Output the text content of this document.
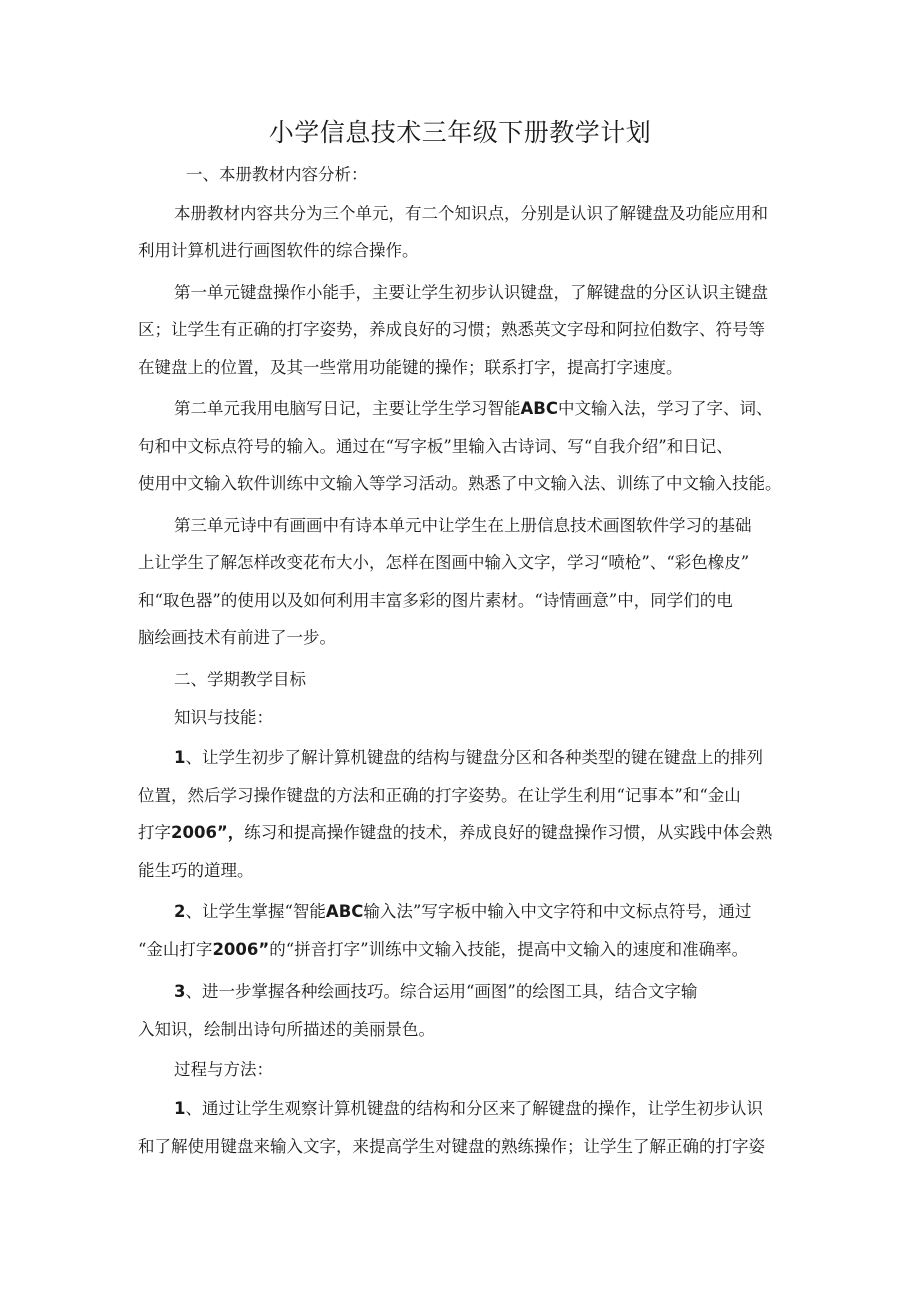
小学信息技术三年级下册教学计划
一、本册教材内容分析：
本册教材内容共分为三个单元，有二个知识点，分别是认识了解键盘及功能应用和
利用计算机进行画图软件的综合操作。
第一单元键盘操作小能手，主要让学生初步认识键盘，了解键盘的分区认识主键盘
区；让学生有正确的打字姿势，养成良好的习惯；熟悉英文字母和阿拉伯数字、符号等
在键盘上的位置，及其一些常用功能键的操作；联系打字，提高打字速度。
第二单元我用电脑写日记，主要让学生学习智能ABC中文输入法，学习了字、词、
句和中文标点符号的输入。通过在“写字板”里输入古诗词、写“自我介绍”和日记、
使用中文输入软件训练中文输入等学习活动。熟悉了中文输入法、训练了中文输入技能。
第三单元诗中有画画中有诗本单元中让学生在上册信息技术画图软件学习的基础
上让学生了解怎样改变花布大小，怎样在图画中输入文字，学习“喷枪”、“彩色橡皮”
和“取色器”的使用以及如何利用丰富多彩的图片素材。“诗情画意”中，同学们的电
脑绘画技术有前进了一步。
二、学期教学目标
知识与技能：
1、让学生初步了解计算机键盘的结构与键盘分区和各种类型的键在键盘上的排列
位置，然后学习操作键盘的方法和正确的打字姿势。在让学生利用“记事本”和“金山
打字2006”，练习和提高操作键盘的技术，养成良好的键盘操作习惯，从实践中体会熟
能生巧的道理。
2、让学生掌握“智能ABC输入法”写字板中输入中文字符和中文标点符号，通过
“金山打字2006”的“拼音打字”训练中文输入技能，提高中文输入的速度和准确率。
3、进一步掌握各种绘画技巧。综合运用“画图”的绘图工具，结合文字输
入知识，绘制出诗句所描述的美丽景色。
过程与方法：
1、通过让学生观察计算机键盘的结构和分区来了解键盘的操作，让学生初步认识
和了解使用键盘来输入文字，来提高学生对键盘的熟练操作；让学生了解正确的打字姿
